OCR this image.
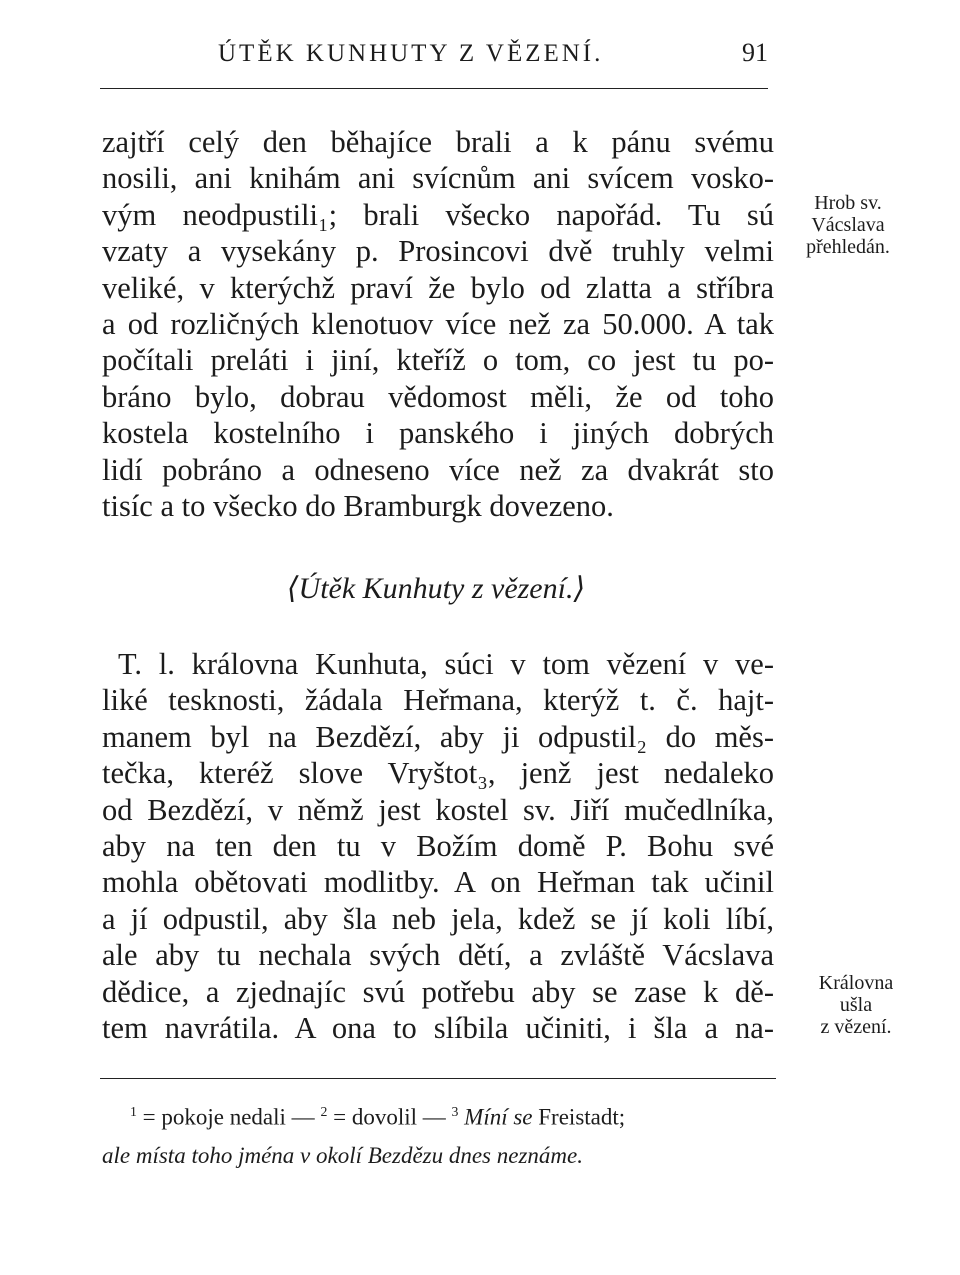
ÚTĚK KUNHUTY Z VĚZENÍ.	91
zajtří celý den běhajíce brali a k pánu svému
nosili, ani knihám ani svícnům ani svícem vosko-
vým neodpustili₁; brali všecko napořád. Tu sú
vzaty a vysekány p. Prosincovi dvě truhly velmi
veliké, v kterýchž praví že bylo od zlatta a stříbra
a od rozličných klenotuov více než za 50.000. A tak
počítali preláti i jiní, kteříž o tom, co jest tu po-
bráno bylo, dobrau vědomost měli, že od toho
kostela kostelního i panského i jiných dobrých
lidí pobráno a odneseno více než za dvakrát sto
tisíc a to všecko do Bramburgk dovezeno.
Hrob sv.
Vácslava
přehledán.
⟨Útěk Kunhuty z vězení.⟩
T. l. královna Kunhuta, súci v tom vězení v ve-
liké tesknosti, žádala Heřmana, kterýž t. č. hajt-
manem byl na Bezdězí, aby ji odpustil₂ do měs-
tečka, kteréž slove Vryštot₃, jenž jest nedaleko
od Bezdězí, v němž jest kostel sv. Jiří mučedlníka,
aby na ten den tu v Božím domě P. Bohu své
mohla obětovati modlitby. A on Heřman tak učinil
a jí odpustil, aby šla neb jela, kdež se jí koli líbí,
ale aby tu nechala svých dětí, a zvláště Vácslava
dědice, a zjednajíc svú potřebu aby se zase k dě-
tem navrátila. A ona to slíbila učiniti, i šla a na-
Královna
ušla
z vězení.
$^1$ = pokoje nedali — $^2$ = dovolil — $^3$ Míní se Freistadt;
ale místa toho jména v okolí Bezdězu dnes neznáme.
